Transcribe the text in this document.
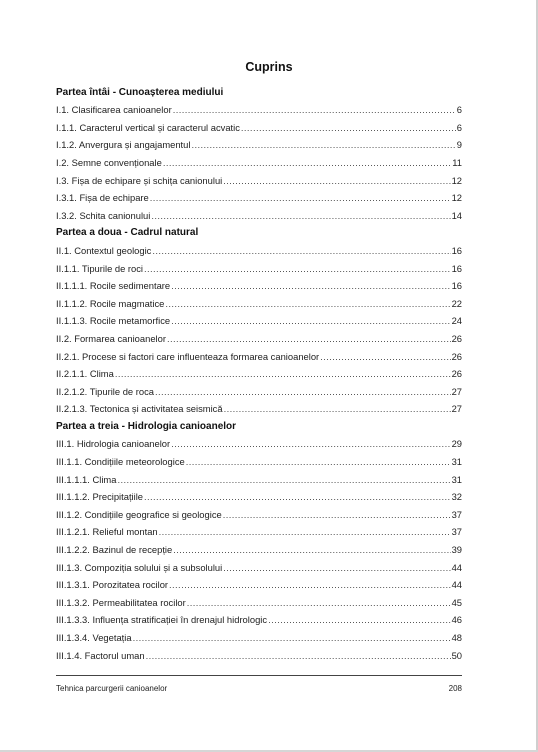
Cuprins
Partea întâi - Cunoașterea mediului
I.1. Clasificarea canioanelor .....	6
I.1.1. Caracterul vertical și caracterul acvatic .....	6
I.1.2. Anvergura și angajamentul .....	9
I.2. Semne convenționale .....	11
I.3. Fișa de echipare și schița canionului .....	12
I.3.1. Fișa de echipare .....	12
I.3.2. Schita canionului .....	14
Partea a doua - Cadrul natural
II.1. Contextul geologic .....	16
II.1.1. Tipurile de roci .....	16
II.1.1.1. Rocile sedimentare .....	16
II.1.1.2. Rocile magmatice .....	22
II.1.1.3. Rocile metamorfice .....	24
II.2. Formarea canioanelor .....	26
II.2.1. Procese si factori care influenteaza formarea canioanelor .....	26
II.2.1.1. Clima .....	26
II.2.1.2. Tipurile de roca .....	27
II.2.1.3. Tectonica și activitatea seismică .....	27
Partea a treia - Hidrologia canioanelor
III.1. Hidrologia canioanelor .....	29
III.1.1. Condițiile meteorologice .....	31
III.1.1.1. Clima .....	31
III.1.1.2. Precipitațiile .....	32
III.1.2. Condițiile geografice si geologice .....	37
III.1.2.1. Relieful montan .....	37
III.1.2.2. Bazinul de recepție .....	39
III.1.3. Compoziția solului și a subsolului .....	44
III.1.3.1. Porozitatea rocilor .....	44
III.1.3.2. Permeabilitatea rocilor .....	45
III.1.3.3. Influența stratificației în drenajul hidrologic .....	46
III.1.3.4. Vegetația .....	48
III.1.4. Factorul uman .....	50
Tehnica parcurgerii canioanelor	208
